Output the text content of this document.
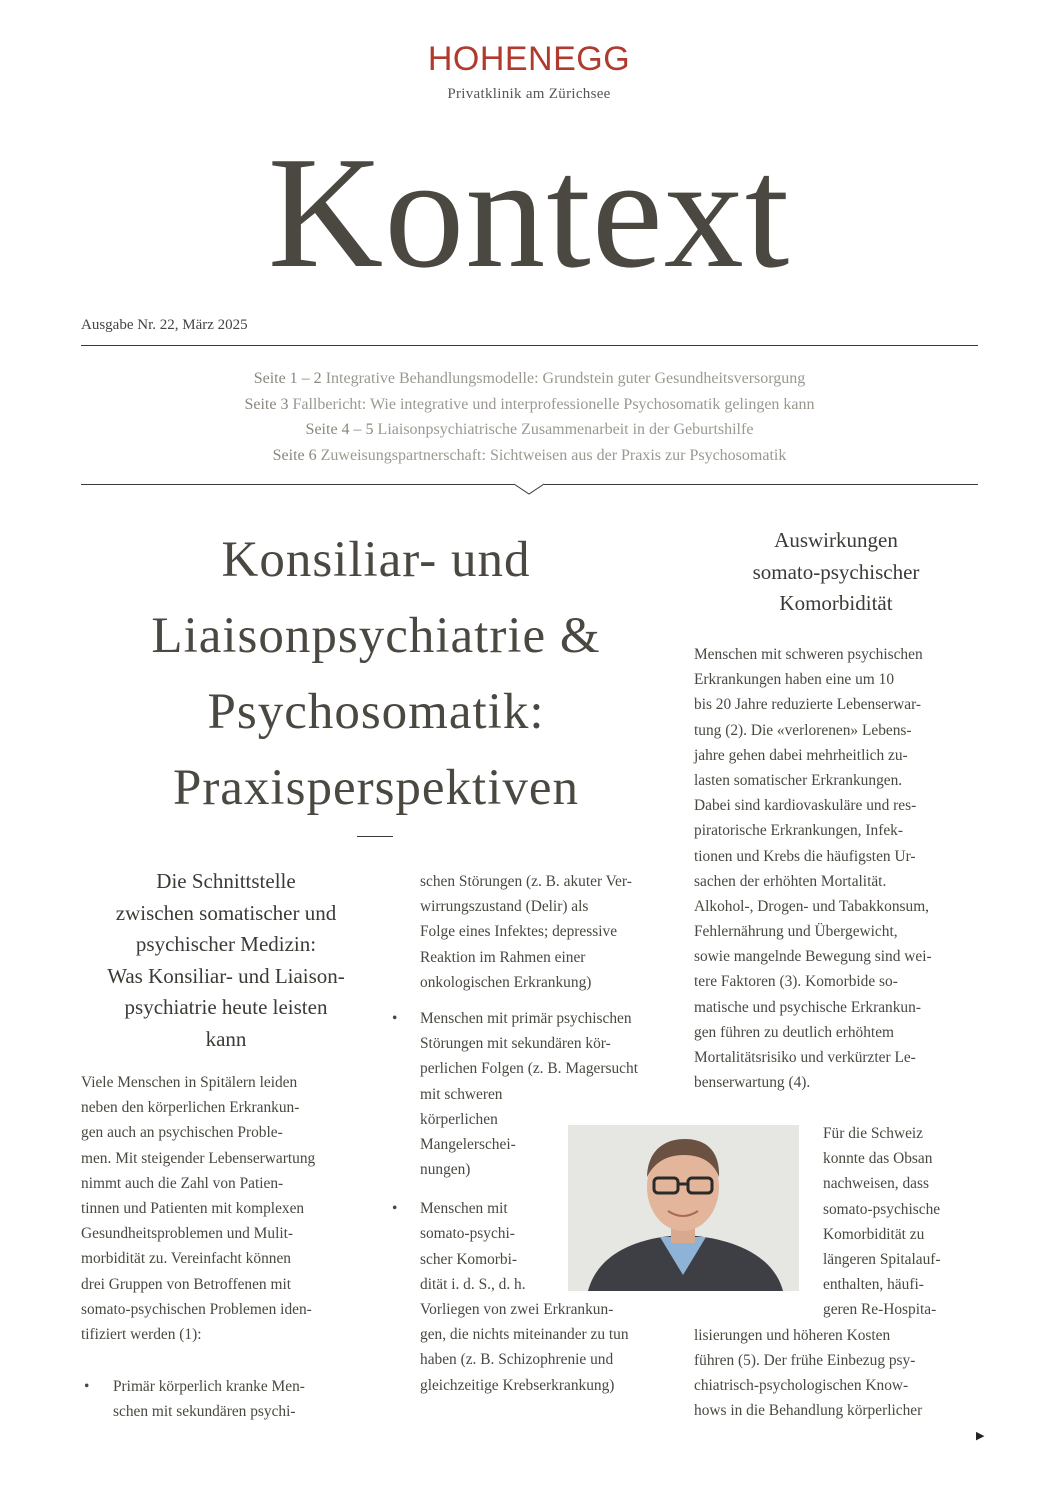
HOHENEGG
Privatklinik am Zürichsee
Kontext
Ausgabe Nr. 22, März 2025
Seite 1 – 2 Integrative Behandlungsmodelle: Grundstein guter Gesundheitsversorgung
Seite 3 Fallbericht: Wie integrative und interprofessionelle Psychosomatik gelingen kann
Seite 4 – 5 Liaisonpsychiatrische Zusammenarbeit in der Geburtshilfe
Seite 6 Zuweisungspartnerschaft: Sichtweisen aus der Praxis zur Psychosomatik
Konsiliar- und
Liaisonpsychiatrie &
Psychosomatik:
Praxisperspektiven
Die Schnittstelle
zwischen somatischer und
psychischer Medizin:
Was Konsiliar- und Liaison-
psychiatrie heute leisten
kann
Viele Menschen in Spitälern leiden
neben den körperlichen Erkrankun-
gen auch an psychischen Proble-
men. Mit steigender Lebenserwartung
nimmt auch die Zahl von Patien-
tinnen und Patienten mit komplexen
Gesundheitsproblemen und Mulit-
morbidität zu. Vereinfacht können
drei Gruppen von Betroffenen mit
somato-psychischen Problemen iden-
tifiziert werden (1):
• Primär körperlich kranke Men-
schen mit sekundären psychi-
schen Störungen (z. B. akuter Ver-
wirrungszustand (Delir) als
Folge eines Infektes; depressive
Reaktion im Rahmen einer
onkologischen Erkrankung)
• Menschen mit primär psychischen
Störungen mit sekundären kör-
perlichen Folgen (z. B. Magersucht
mit schweren
körperlichen
Mangelerschei-
nungen)
• Menschen mit
somato-psychi-
scher Komorbi-
dität i. d. S., d. h.
Vorliegen von zwei Erkrankun-
gen, die nichts miteinander zu tun
haben (z. B. Schizophrenie und
gleichzeitige Krebserkrankung)
Auswirkungen
somato-psychischer
Komorbidität
Menschen mit schweren psychischen
Erkrankungen haben eine um 10
bis 20 Jahre reduzierte Lebenserwar-
tung (2). Die «verlorenen» Lebens-
jahre gehen dabei mehrheitlich zu-
lasten somatischer Erkrankungen.
Dabei sind kardiovaskuläre und res-
piratorische Erkrankungen, Infek-
tionen und Krebs die häufigsten Ur-
sachen der erhöhten Mortalität.
Alkohol-, Drogen- und Tabakkonsum,
Fehlernährung und Übergewicht,
sowie mangelnde Bewegung sind wei-
tere Faktoren (3). Komorbide so-
matische und psychische Erkrankun-
gen führen zu deutlich erhöhtem
Mortalitätsrisiko und verkürzter Le-
benserwartung (4).
Für die Schweiz
konnte das Obsan
nachweisen, dass
somato-psychische
Komorbidität zu
längeren Spitalauf-
enthalten, häufi-
geren Re-Hospita-
lisierungen und höheren Kosten
führen (5). Der frühe Einbezug psy-
chiatrisch-psychologischen Know-
hows in die Behandlung körperlicher
▶
